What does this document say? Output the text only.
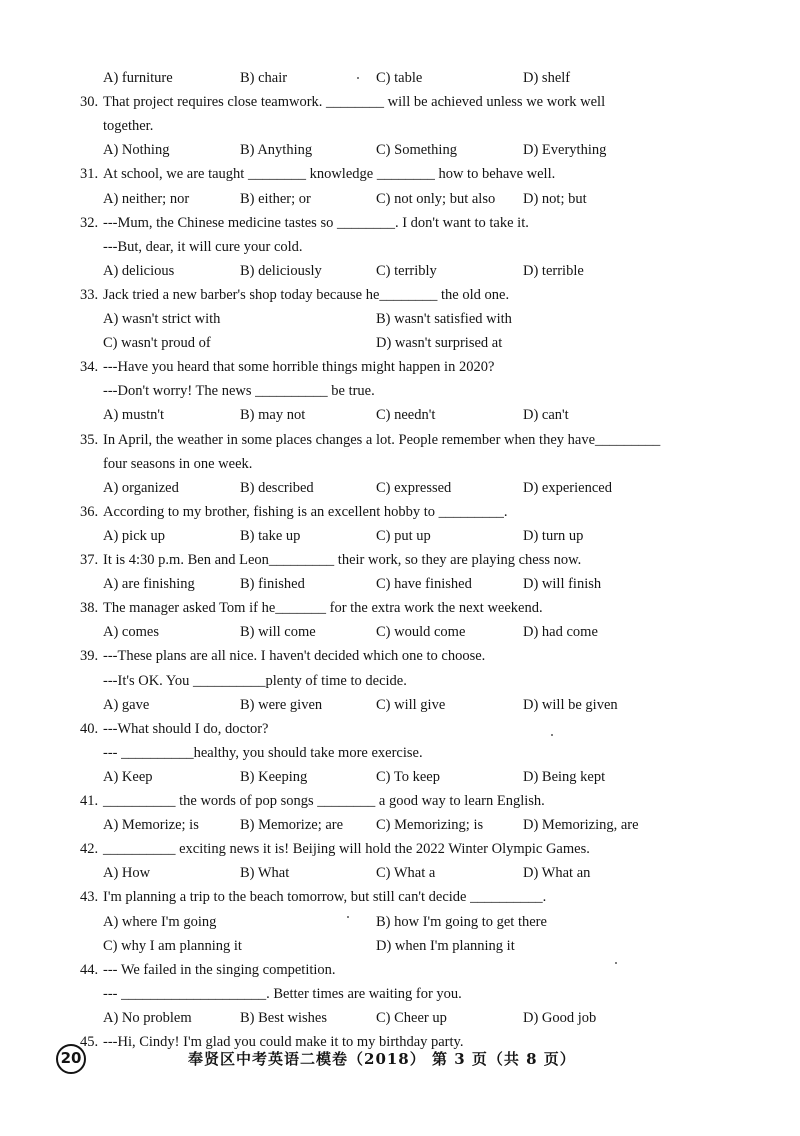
A) furniture	B) chair	C) table	D) shelf
30. That project requires close teamwork. ________ will be achieved unless we work well
together.
A) Nothing	B) Anything	C) Something	D) Everything
31. At school, we are taught ________ knowledge ________ how to behave well.
A) neither; nor	B) either; or	C) not only; but also D) not; but
32. ---Mum, the Chinese medicine tastes so ________. I don't want to take it.
---But, dear, it will cure your cold.
A) delicious	B) deliciously	C) terribly	D) terrible
33. Jack tried a new barber's shop today because he________ the old one.
A) wasn't strict with	B) wasn't satisfied with
C) wasn't proud of	D) wasn't surprised at
34. ---Have you heard that some horrible things might happen in 2020?
---Don't worry! The news __________ be true.
A) mustn't	B) may not	C) needn't	D) can't
35. In April, the weather in some places changes a lot. People remember when they have_________
four seasons in one week.
A) organized	B) described	C) expressed	D) experienced
36. According to my brother, fishing is an excellent hobby to _________.
A) pick up	B) take up	C) put up	D) turn up
37. It is 4:30 p.m. Ben and Leon_________ their work, so they are playing chess now.
A) are finishing	B) finished	C) have finished	D) will finish
38. The manager asked Tom if he_______ for the extra work the next weekend.
A) comes	B) will come	C) would come	D) had come
39. ---These plans are all nice. I haven't decided which one to choose.
---It's OK. You __________plenty of time to decide.
A) gave	B) were given	C) will give	D) will be given
40. ---What should I do, doctor?
--- __________healthy, you should take more exercise.
A) Keep	B) Keeping	C) To keep	D) Being kept
41. __________ the words of pop songs ________ a good way to learn English.
A) Memorize; is	B) Memorize; are C) Memorizing; is	D) Memorizing, are
42. __________ exciting news it is! Beijing will hold the 2022 Winter Olympic Games.
A) How	B) What	C) What a	D) What an
43. I'm planning a trip to the beach tomorrow, but still can't decide __________.
A) where I'm going	B) how I'm going to get there
C) why I am planning it	D) when I'm planning it
44. --- We failed in the singing competition.
--- ____________________. Better times are waiting for you.
A) No problem	B) Best wishes	C) Cheer up	D) Good job
45. ---Hi, Cindy! I'm glad you could make it to my birthday party.
20	奉贤区中考英语二模卷（2018） 第 3 页（共 8 页）
